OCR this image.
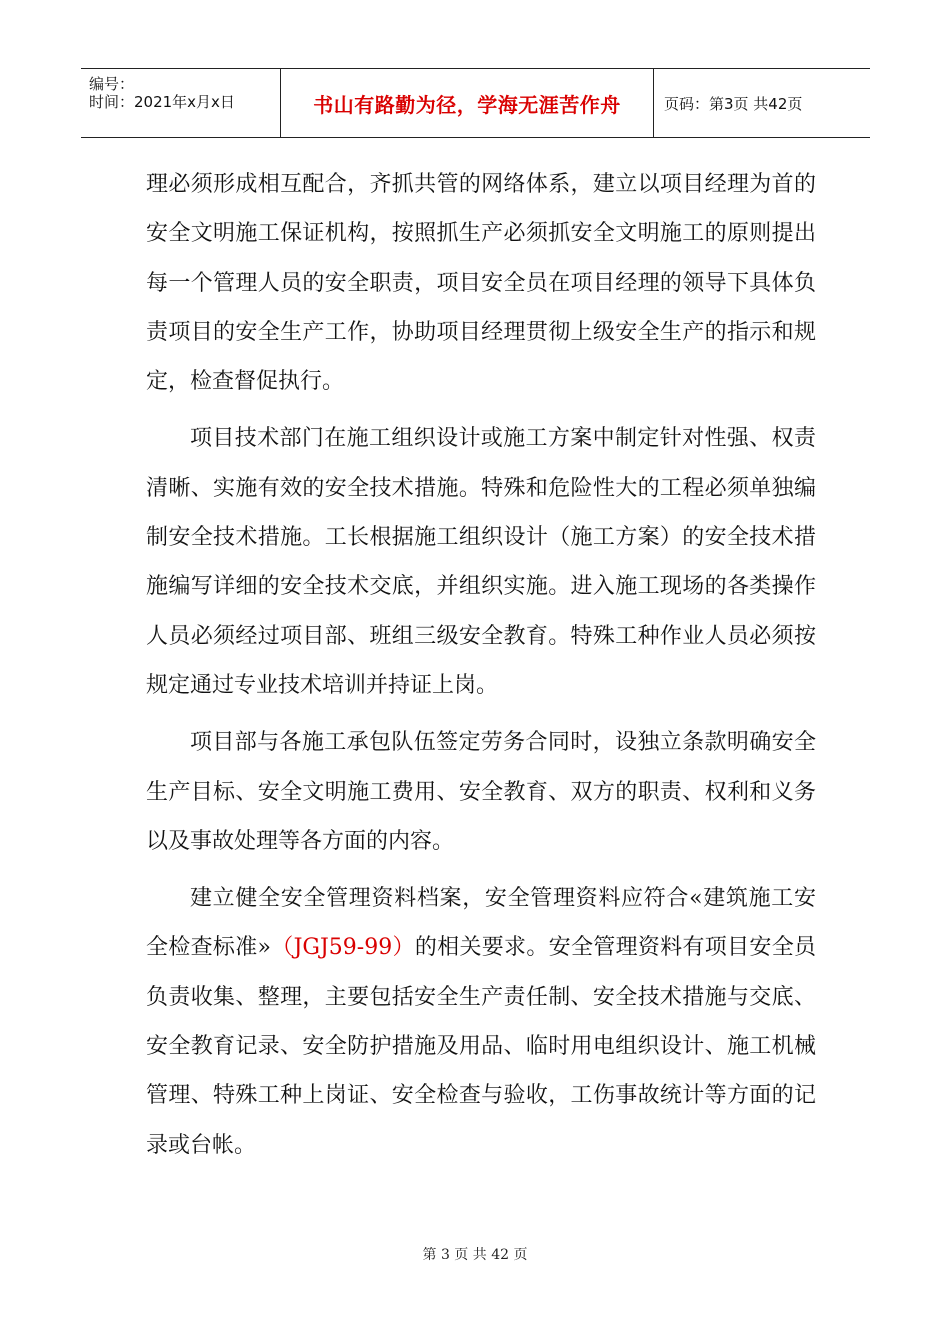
编号：
时间：2021年x月x日	书山有路勤为径，学海无涯苦作舟	页码：第3页 共42页

理必须形成相互配合，齐抓共管的网络体系，建立以项目经理为首的安全文明施工保证机构，按照抓生产必须抓安全文明施工的原则提出每一个管理人员的安全职责，项目安全员在项目经理的领导下具体负责项目的安全生产工作，协助项目经理贯彻上级安全生产的指示和规定，检查督促执行。

项目技术部门在施工组织设计或施工方案中制定针对性强、权责清晰、实施有效的安全技术措施。特殊和危险性大的工程必须单独编制安全技术措施。工长根据施工组织设计（施工方案）的安全技术措施编写详细的安全技术交底，并组织实施。进入施工现场的各类操作人员必须经过项目部、班组三级安全教育。特殊工种作业人员必须按规定通过专业技术培训并持证上岗。

项目部与各施工承包队伍签定劳务合同时，设独立条款明确安全生产目标、安全文明施工费用、安全教育、双方的职责、权利和义务以及事故处理等各方面的内容。

建立健全安全管理资料档案，安全管理资料应符合«建筑施工安全检查标准»（JGJ59-99）的相关要求。安全管理资料有项目安全员负责收集、整理，主要包括安全生产责任制、安全技术措施与交底、安全教育记录、安全防护措施及用品、临时用电组织设计、施工机械管理、特殊工种上岗证、安全检查与验收，工伤事故统计等方面的记录或台帐。

第 3 页 共 42 页
